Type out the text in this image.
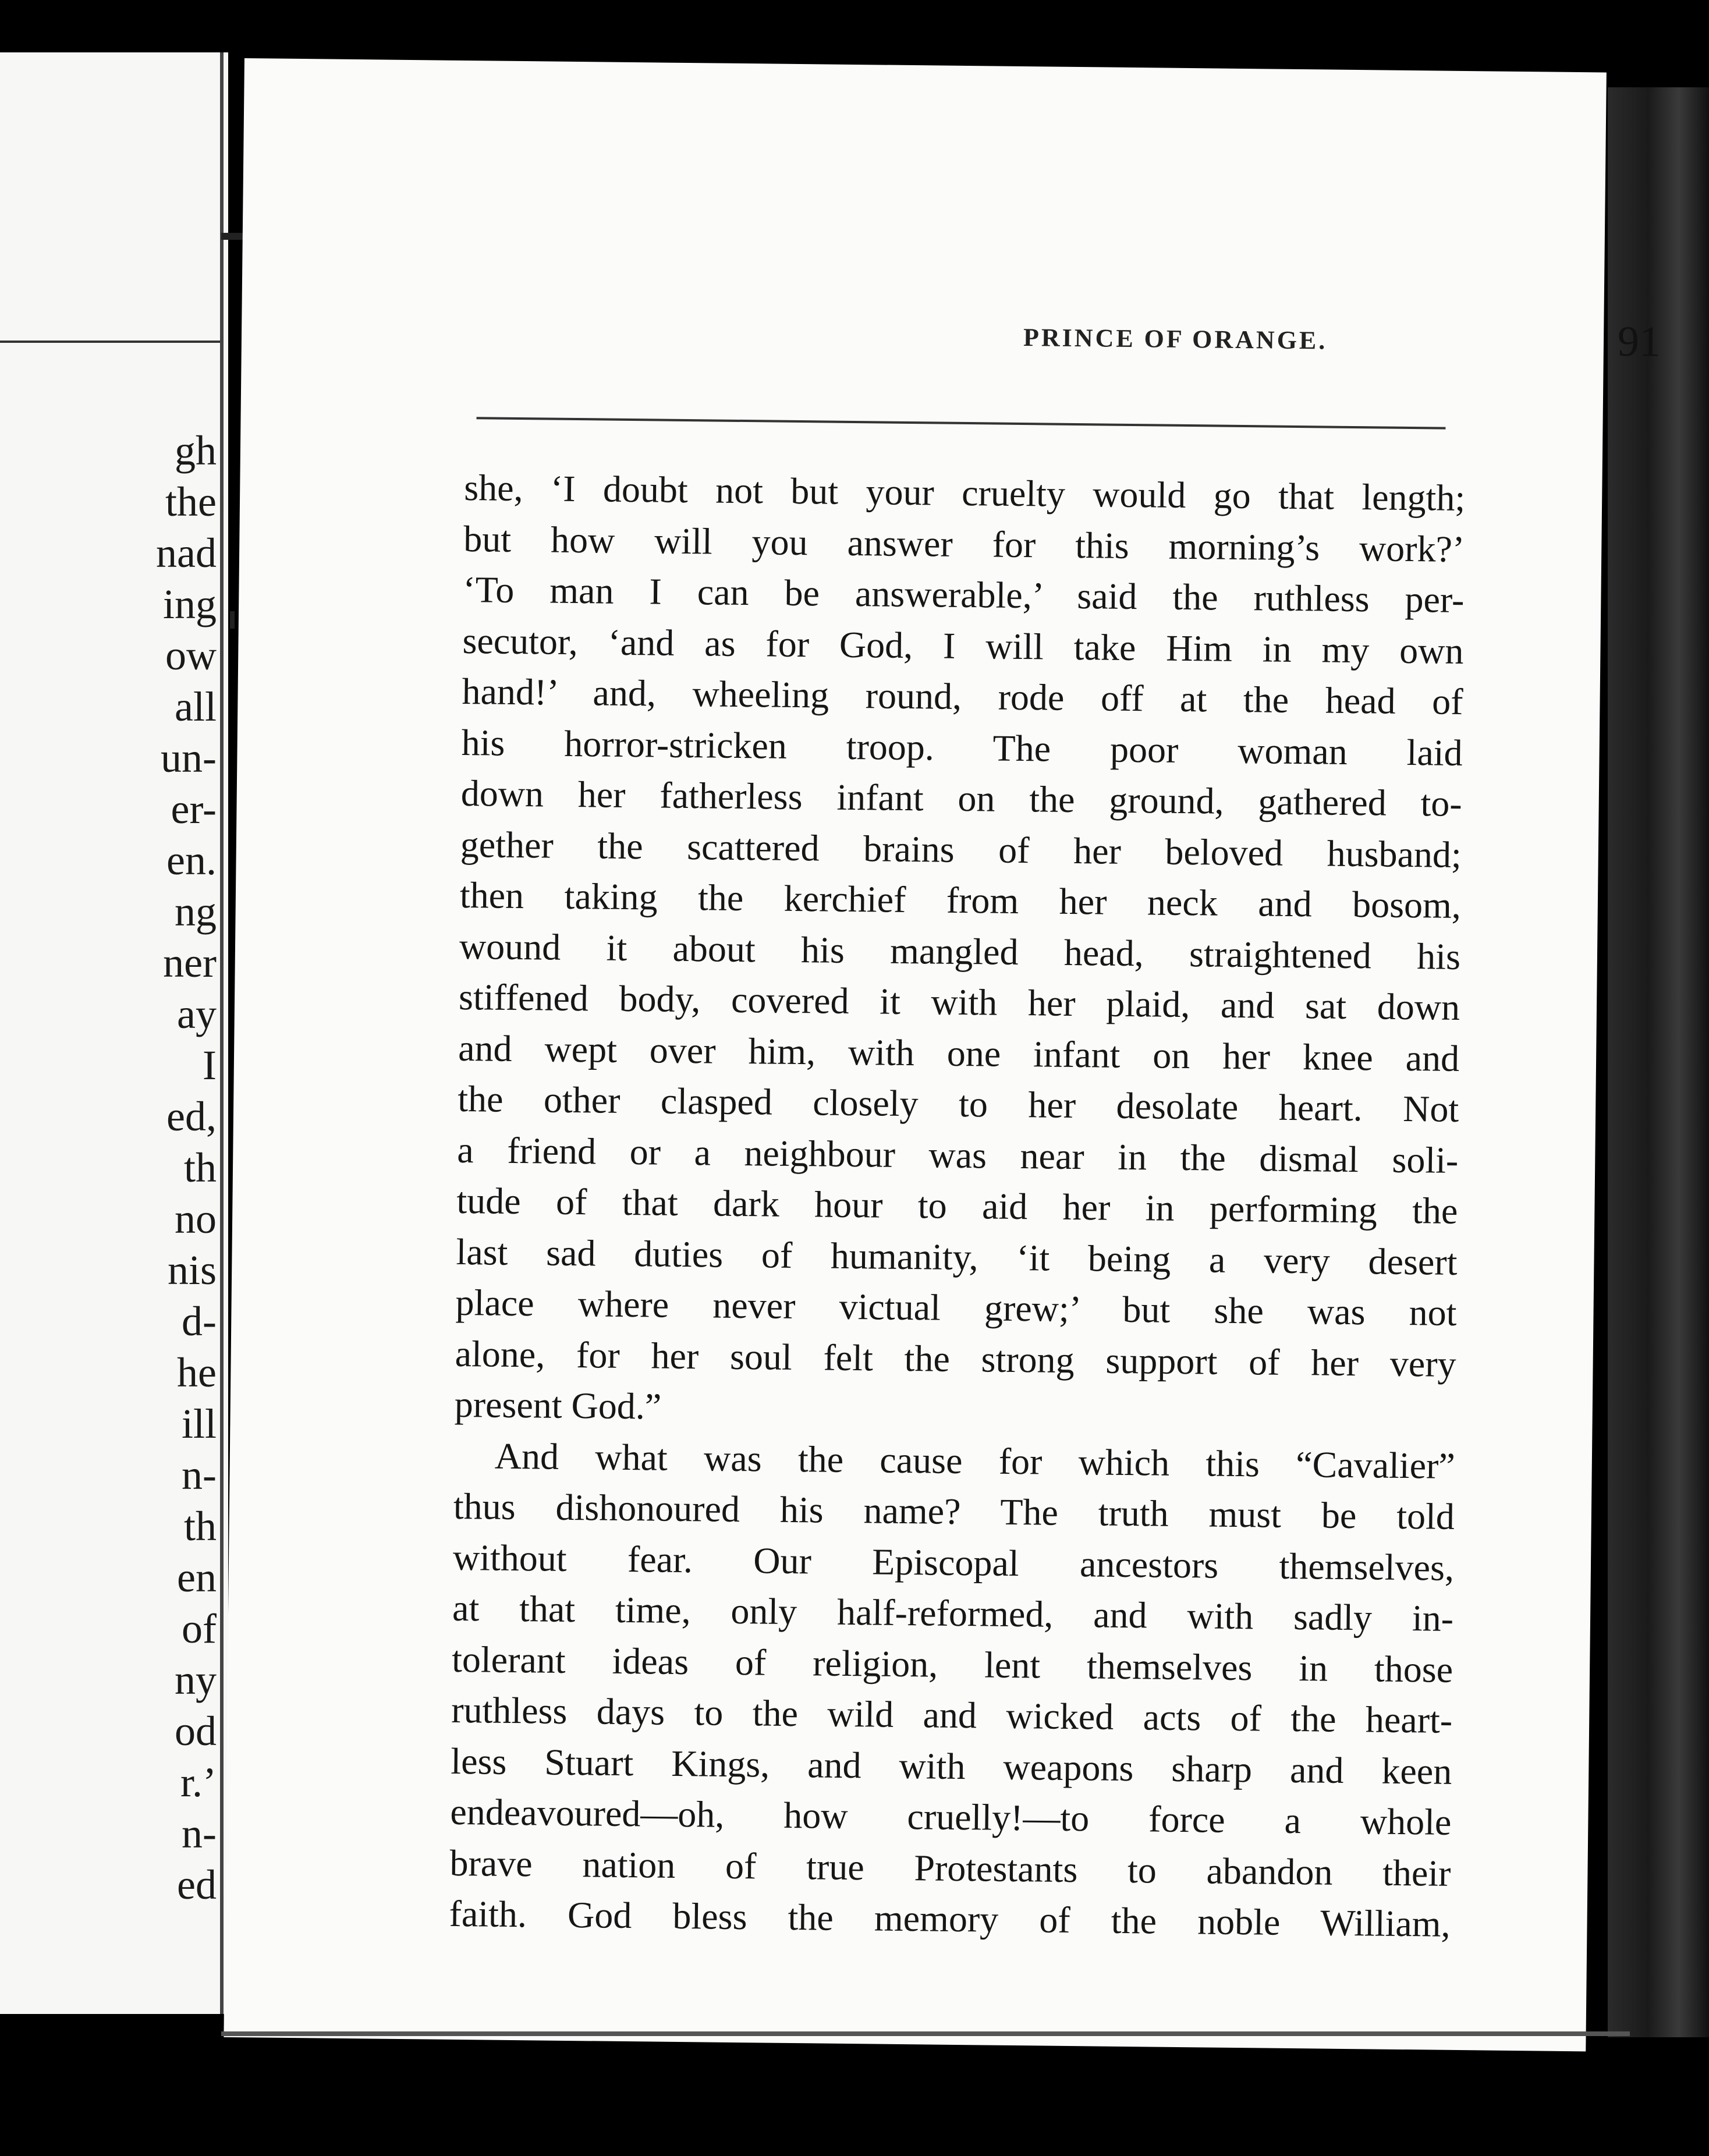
gh
the
nad
ing
ow
all
un-
er-
en.
ng
ner
ay
I
ed,
th
no
nis
d-
he
ill
n-
th
en
of
ny
od
r.’
n-
ed
PRINCE OF ORANGE.	91
she, ‘I doubt not but your cruelty would go that length;
but how will you answer for this morning’s work?’
‘To man I can be answerable,’ said the ruthless per-
secutor, ‘and as for God, I will take Him in my own
hand!’ and, wheeling round, rode off at the head of
his horror-stricken troop. The poor woman laid
down her fatherless infant on the ground, gathered to-
gether the scattered brains of her beloved husband;
then taking the kerchief from her neck and bosom,
wound it about his mangled head, straightened his
stiffened body, covered it with her plaid, and sat down
and wept over him, with one infant on her knee and
the other clasped closely to her desolate heart. Not
a friend or a neighbour was near in the dismal soli-
tude of that dark hour to aid her in performing the
last sad duties of humanity, ‘it being a very desert
place where never victual grew;’ but she was not
alone, for her soul felt the strong support of her very
present God.”
And what was the cause for which this “Cavalier”
thus dishonoured his name? The truth must be told
without fear. Our Episcopal ancestors themselves,
at that time, only half-reformed, and with sadly in-
tolerant ideas of religion, lent themselves in those
ruthless days to the wild and wicked acts of the heart-
less Stuart Kings, and with weapons sharp and keen
endeavoured—oh, how cruelly!—to force a whole
brave nation of true Protestants to abandon their
faith. God bless the memory of the noble William,
